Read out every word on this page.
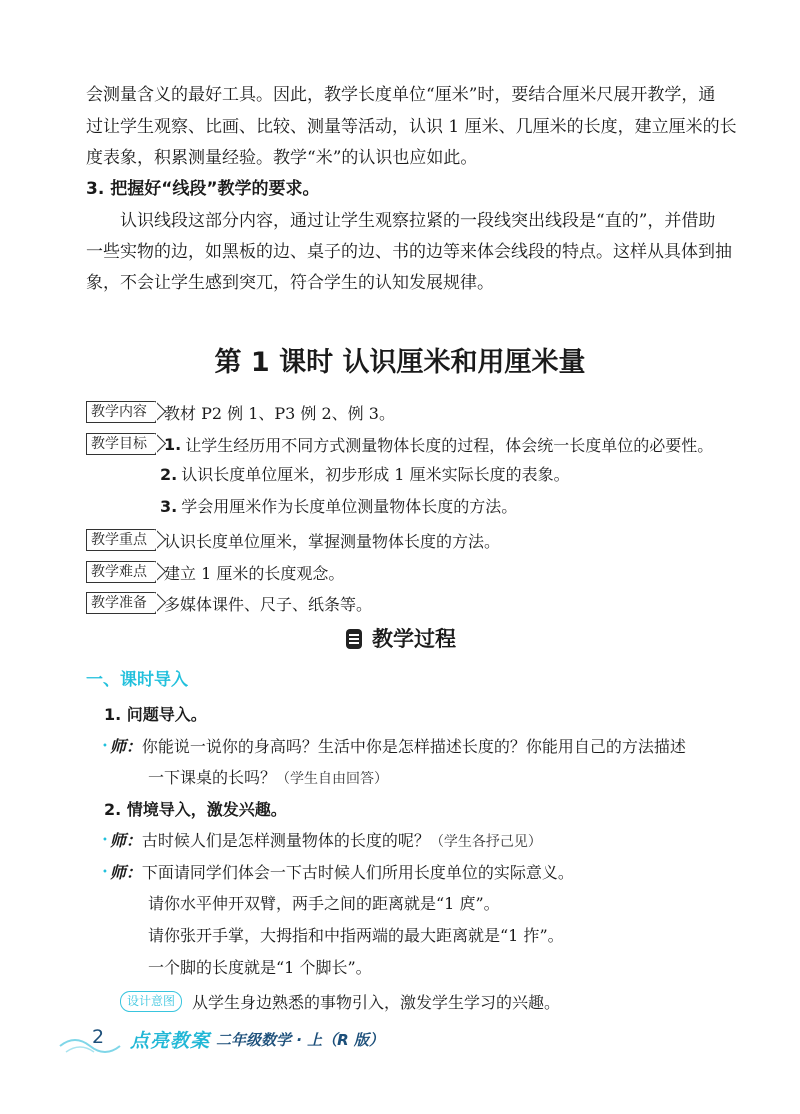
会测量含义的最好工具。因此，教学长度单位“厘米”时，要结合厘米尺展开教学，通
过让学生观察、比画、比较、测量等活动，认识 1 厘米、几厘米的长度，建立厘米的长
度表象，积累测量经验。教学“米”的认识也应如此。
3. 把握好“线段”教学的要求。
认识线段这部分内容，通过让学生观察拉紧的一段线突出线段是“直的”，并借助
一些实物的边，如黑板的边、桌子的边、书的边等来体会线段的特点。这样从具体到抽
象，不会让学生感到突兀，符合学生的认知发展规律。
第 1 课时 认识厘米和用厘米量
教学内容	教材 P2 例 1、P3 例 2、例 3。
教学目标	1. 让学生经历用不同方式测量物体长度的过程，体会统一长度单位的必要性。
2. 认识长度单位厘米，初步形成 1 厘米实际长度的表象。
3. 学会用厘米作为长度单位测量物体长度的方法。
教学重点	认识长度单位厘米，掌握测量物体长度的方法。
教学难点	建立 1 厘米的长度观念。
教学准备	多媒体课件、尺子、纸条等。
教学过程
一、课时导入
1. 问题导入。
• 师：你能说一说你的身高吗？生活中你是怎样描述长度的？你能用自己的方法描述
一下课桌的长吗？（学生自由回答）
2. 情境导入，激发兴趣。
• 师：古时候人们是怎样测量物体的长度的呢？（学生各抒己见）
• 师：下面请同学们体会一下古时候人们所用长度单位的实际意义。
请你水平伸开双臂，两手之间的距离就是“1 庹”。
请你张开手掌，大拇指和中指两端的最大距离就是“1 拃”。
一个脚的长度就是“1 个脚长”。
设计意图	从学生身边熟悉的事物引入，激发学生学习的兴趣。
2 点亮教案 二年级数学 · 上（R 版）
